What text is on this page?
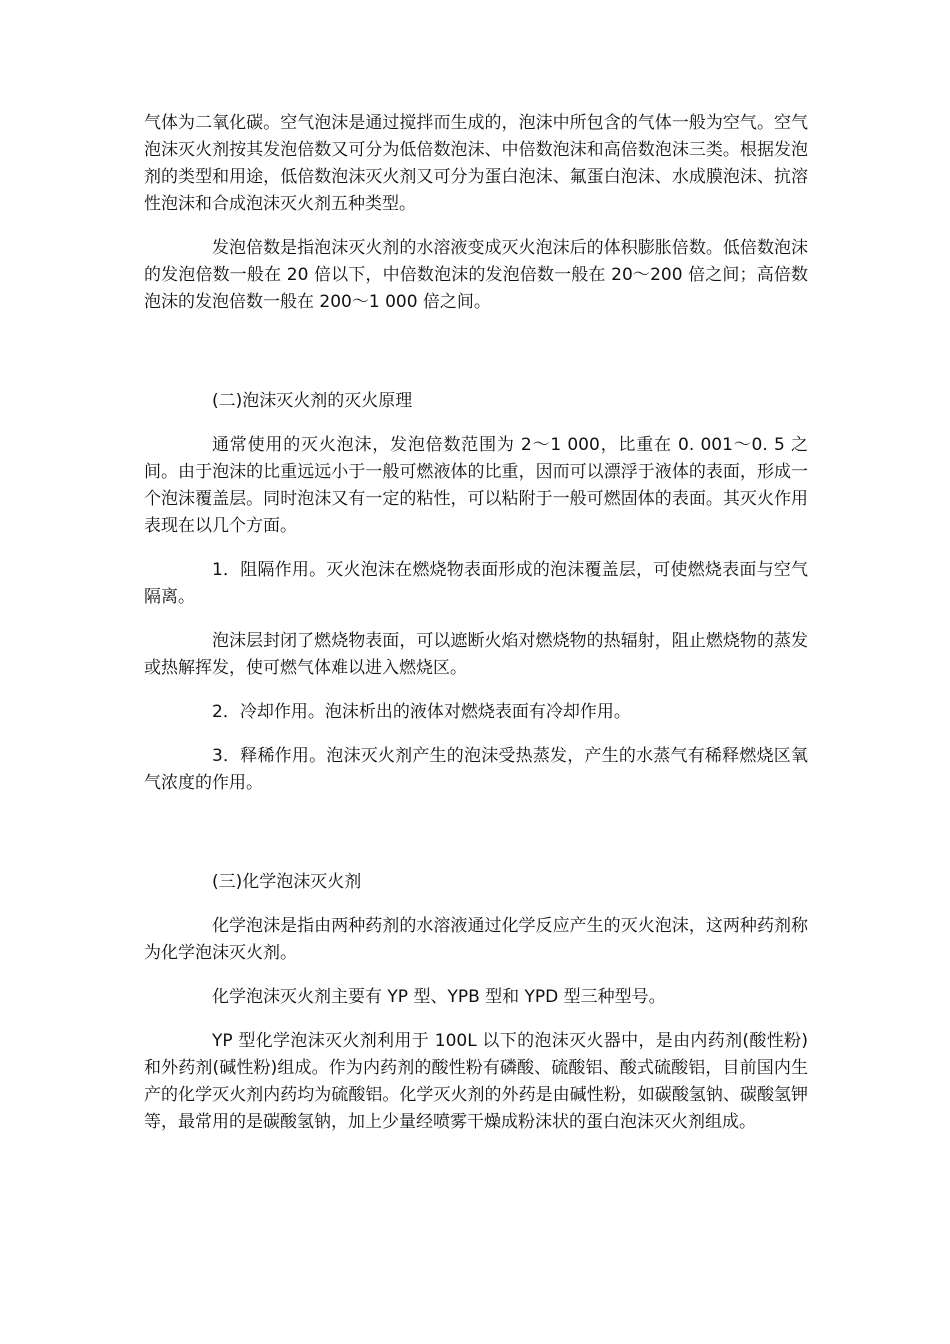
气体为二氧化碳。空气泡沫是通过搅拌而生成的，泡沫中所包含的气体一般为空气。空气泡沫灭火剂按其发泡倍数又可分为低倍数泡沫、中倍数泡沫和高倍数泡沫三类。根据发泡剂的类型和用途，低倍数泡沫灭火剂又可分为蛋白泡沫、氟蛋白泡沫、水成膜泡沫、抗溶性泡沫和合成泡沫灭火剂五种类型。

发泡倍数是指泡沫灭火剂的水溶液变成灭火泡沫后的体积膨胀倍数。低倍数泡沫的发泡倍数一般在 20 倍以下，中倍数泡沫的发泡倍数一般在 20～200 倍之间；高倍数泡沫的发泡倍数一般在 200～1 000 倍之间。

(二)泡沫灭火剂的灭火原理

通常使用的灭火泡沫，发泡倍数范围为 2～1 000，比重在 0. 001～0. 5 之间。由于泡沫的比重远远小于一般可燃液体的比重，因而可以漂浮于液体的表面，形成一个泡沫覆盖层。同时泡沫又有一定的粘性，可以粘附于一般可燃固体的表面。其灭火作用表现在以几个方面。

1．阻隔作用。灭火泡沫在燃烧物表面形成的泡沫覆盖层，可使燃烧表面与空气隔离。

泡沫层封闭了燃烧物表面，可以遮断火焰对燃烧物的热辐射，阻止燃烧物的蒸发或热解挥发，使可燃气体难以进入燃烧区。

2．冷却作用。泡沫析出的液体对燃烧表面有冷却作用。

3．释稀作用。泡沫灭火剂产生的泡沫受热蒸发，产生的水蒸气有稀释燃烧区氧气浓度的作用。

(三)化学泡沫灭火剂

化学泡沫是指由两种药剂的水溶液通过化学反应产生的灭火泡沫，这两种药剂称为化学泡沫灭火剂。

化学泡沫灭火剂主要有 YP 型、YPB 型和 YPD 型三种型号。

YP 型化学泡沫灭火剂利用于 100L 以下的泡沫灭火器中，是由内药剂(酸性粉)和外药剂(碱性粉)组成。作为内药剂的酸性粉有磷酸、硫酸铝、酸式硫酸铝，目前国内生产的化学灭火剂内药均为硫酸铝。化学灭火剂的外药是由碱性粉，如碳酸氢钠、碳酸氢钾等，最常用的是碳酸氢钠，加上少量经喷雾干燥成粉沫状的蛋白泡沫灭火剂组成。
